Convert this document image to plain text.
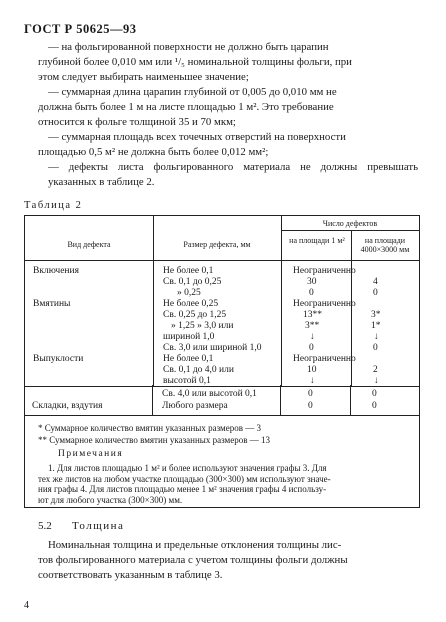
ГОСТ Р 50625—93
— на фольгированной поверхности не должно быть царапин
глубиной более 0,010 мм или ¹/₅ номинальной толщины фольги, при
этом следует выбирать наименьшее значение;
— суммарная длина царапин глубиной от 0,005 до 0,010 мм не
должна быть более 1 м на листе площадью 1 м². Это требование
относится к фольге толщиной 35 и 70 мкм;
— суммарная площадь всех точечных отверстий на поверхности
площадью 0,5 м² не должна быть более 0,012 мм²;
— дефекты листа фольгированного материала не должны превышать указанных в таблице 2.
Таблица 2
Вид дефекта	Размер дефекта, мм
Число дефектов
на площади 1 м²	на площади 4000×3000 мм
Включения	Не более 0,1	Неограниченно
Св. 0,1 до 0,25	30	4
» 0,25	0	0
Вмятины	Не более 0,25	Неограниченно
Св. 0,25 до 1,25	13**	3*
» 1,25 » 3,0 или	3**	1*
шириной 1,0	↓	↓
Св. 3,0 или шириной 1,0	0	0
Выпуклости	Не более 0,1	Неограниченно
Св. 0,1 до 4,0 или	10	2
высотой 0,1	↓	↓
Св. 4,0 или высотой 0,1	0	0
Складки, вздутия	Любого размера	0	0
* Суммарное количество вмятин указанных размеров — 3
** Суммарное количество вмятин указанных размеров — 13
Примечания
1. Для листов площадью 1 м² и более используют значения графы 3. Для
тех же листов на любом участке площадью (300×300) мм используют значе-
ния графы 4. Для листов площадью менее 1 м² значения графы 4 использу-
ют для любого участка (300×300) мм.
5.2 Толщина
Номинальная толщина и предельные отклонения толщины лис-
тов фольгированного материала с учетом толщины фольги должны
соответствовать указанным в таблице 3.
4
